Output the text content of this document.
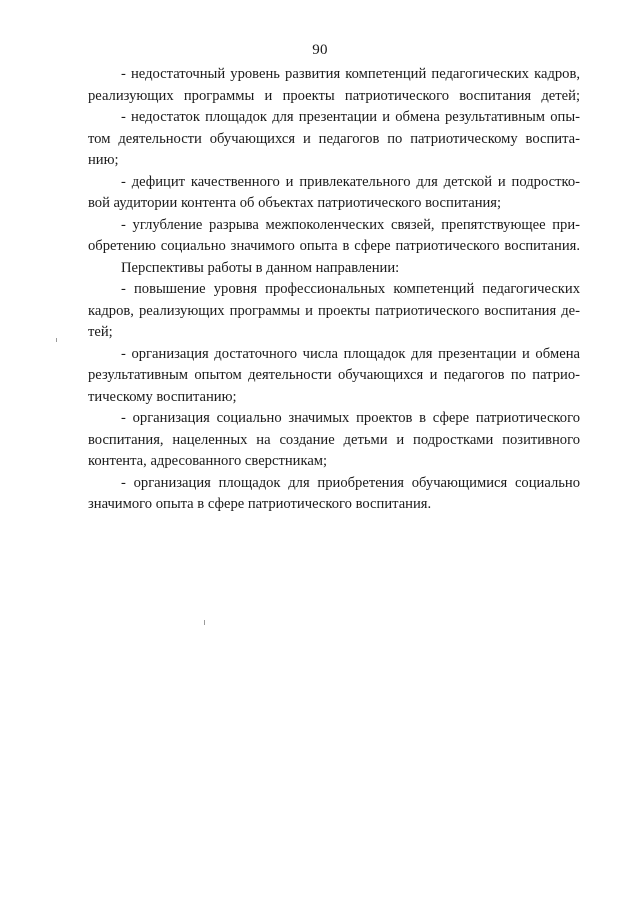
90
- недостаточный уровень развития компетенций педагогических кадров,
реализующих программы и проекты патриотического воспитания детей;
- недостаток площадок для презентации и обмена результативным опы-
том деятельности обучающихся и педагогов по патриотическому воспита-
нию;
- дефицит качественного и привлекательного для детской и подростко-
вой аудитории контента об объектах патриотического воспитания;
- углубление разрыва межпоколенческих связей, препятствующее при-
обретению социально значимого опыта в сфере патриотического воспитания.
Перспективы работы в данном направлении:
- повышение уровня профессиональных компетенций педагогических
кадров, реализующих программы и проекты патриотического воспитания де-
тей;
- организация достаточного числа площадок для презентации и обмена
результативным опытом деятельности обучающихся и педагогов по патрио-
тическому воспитанию;
- организация социально значимых проектов в сфере патриотического
воспитания, нацеленных на создание детьми и подростками позитивного
контента, адресованного сверстникам;
- организация площадок для приобретения обучающимися социально
значимого опыта в сфере патриотического воспитания.
